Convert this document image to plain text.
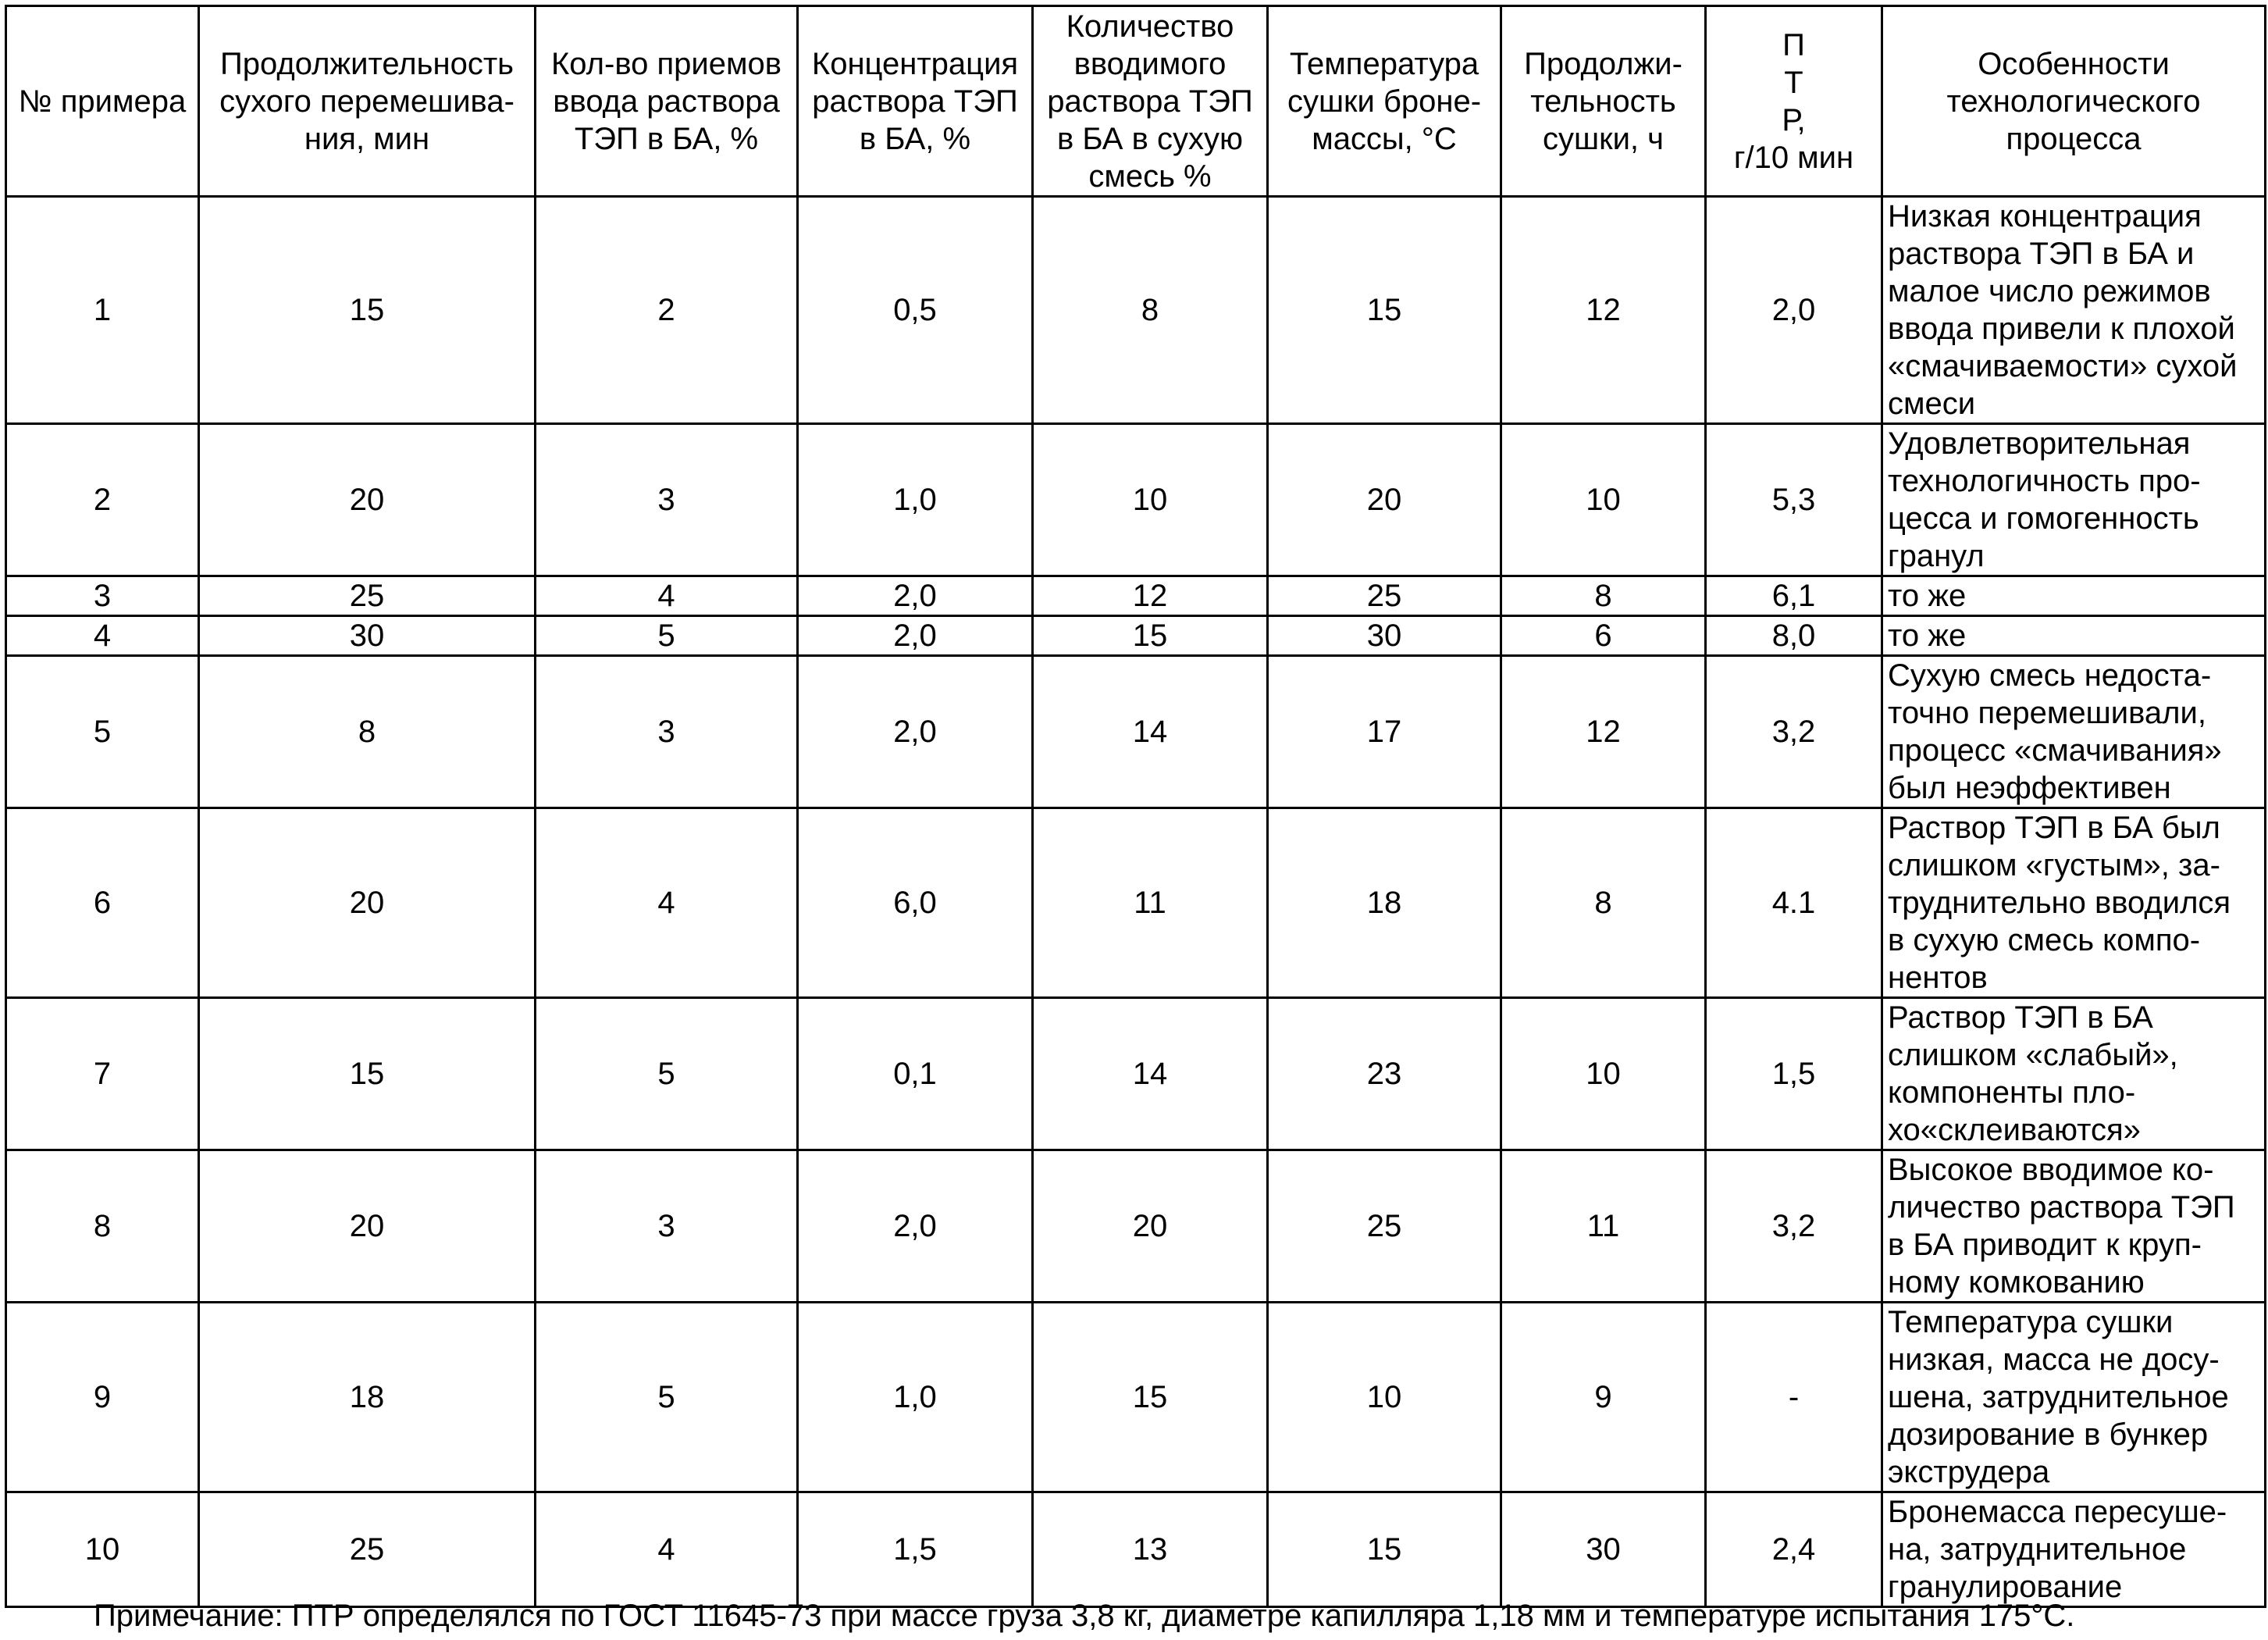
№ примера	Продолжительность
сухого перемешива-
ния, мин	Кол-во приемов
ввода раствора
ТЭП в БА, %	Концентрация
раствора ТЭП
в БА, %	Количество
вводимого
раствора ТЭП
в БА в сухую
смесь %	Температура
сушки броне-
массы, °С	Продолжи-
тельность
сушки, ч	П
Т
Р,
г/10 мин	Особенности
технологического
процесса
1	15	2	0,5	8	15	12	2,0	Низкая концентрация
раствора ТЭП в БА и
малое число режимов
ввода привели к плохой
«смачиваемости» сухой
смеси
2	20	3	1,0	10	20	10	5,3	Удовлетворительная
технологичность про-
цесса и гомогенность
гранул
3	25	4	2,0	12	25	8	6,1	то же
4	30	5	2,0	15	30	6	8,0	то же
5	8	3	2,0	14	17	12	3,2	Сухую смесь недоста-
точно перемешивали,
процесс «смачивания»
был неэффективен
6	20	4	6,0	11	18	8	4.1	Раствор ТЭП в БА был
слишком «густым», за-
труднительно вводился
в сухую смесь компо-
нентов
7	15	5	0,1	14	23	10	1,5	Раствор ТЭП в БА
слишком «слабый»,
компоненты пло-
хо«склеиваются»
8	20	3	2,0	20	25	11	3,2	Высокое вводимое ко-
личество раствора ТЭП
в БА приводит к круп-
ному комкованию
9	18	5	1,0	15	10	9	-	Температура сушки
низкая, масса не досу-
шена, затруднительное
дозирование в бункер
экструдера
10	25	4	1,5	13	15	30	2,4	Бронемасса пересуше-
на, затруднительное
гранулирование
Примечание: ПТР определялся по ГОСТ 11645-73 при массе груза 3,8 кг, диаметре капилляра 1,18 мм и температуре испытания 175°С.
